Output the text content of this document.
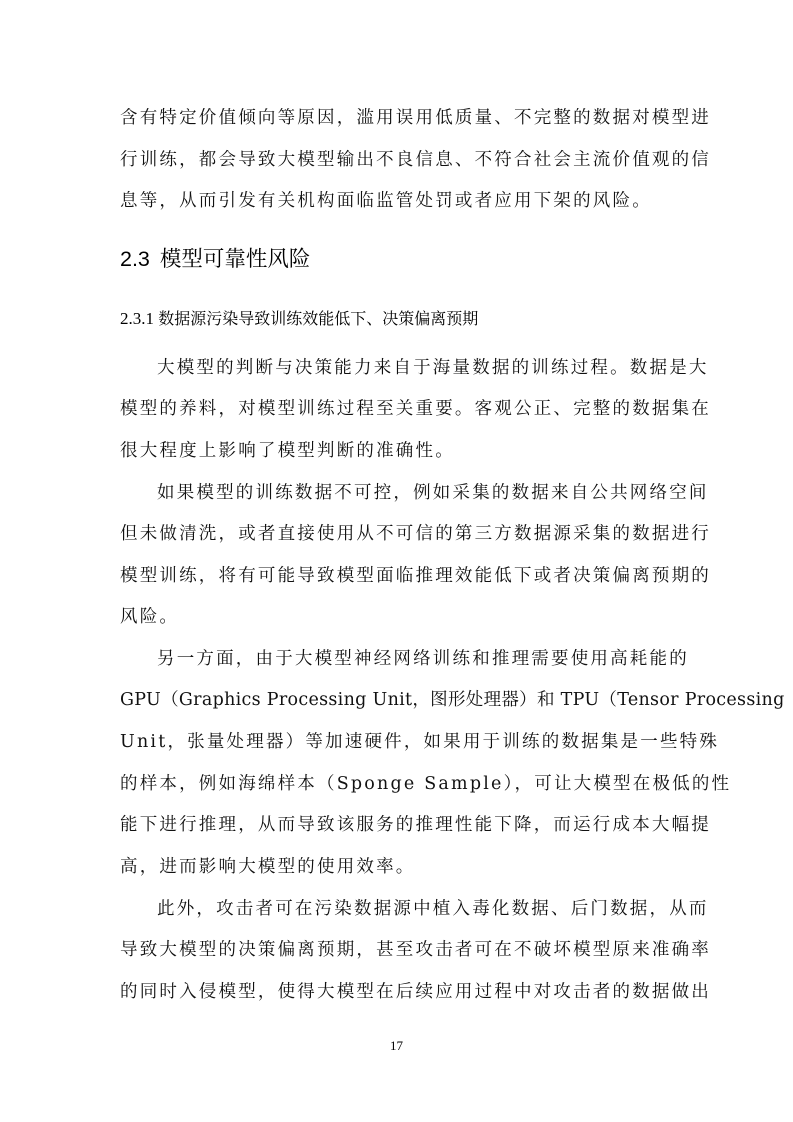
含有特定价值倾向等原因，滥用误用低质量、不完整的数据对模型进
行训练，都会导致大模型输出不良信息、不符合社会主流价值观的信
息等，从而引发有关机构面临监管处罚或者应用下架的风险。
2.3 模型可靠性风险
2.3.1 数据源污染导致训练效能低下、决策偏离预期
大模型的判断与决策能力来自于海量数据的训练过程。数据是大
模型的养料，对模型训练过程至关重要。客观公正、完整的数据集在
很大程度上影响了模型判断的准确性。
如果模型的训练数据不可控，例如采集的数据来自公共网络空间
但未做清洗，或者直接使用从不可信的第三方数据源采集的数据进行
模型训练，将有可能导致模型面临推理效能低下或者决策偏离预期的
风险。
另一方面，由于大模型神经网络训练和推理需要使用高耗能的
GPU（Graphics Processing Unit，图形处理器）和 TPU（Tensor Processing
Unit，张量处理器）等加速硬件，如果用于训练的数据集是一些特殊
的样本，例如海绵样本（Sponge Sample），可让大模型在极低的性
能下进行推理，从而导致该服务的推理性能下降，而运行成本大幅提
高，进而影响大模型的使用效率。
此外，攻击者可在污染数据源中植入毒化数据、后门数据，从而
导致大模型的决策偏离预期，甚至攻击者可在不破坏模型原来准确率
的同时入侵模型，使得大模型在后续应用过程中对攻击者的数据做出
17
